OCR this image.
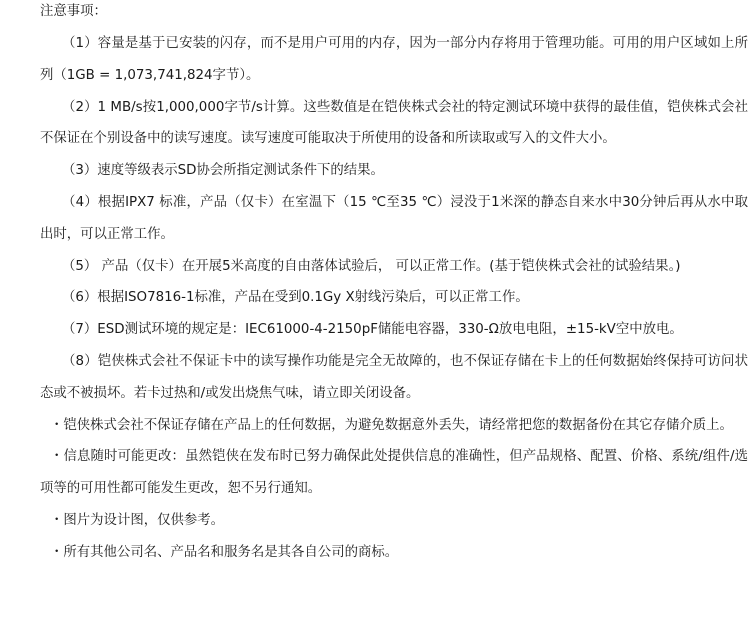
注意事项：

（1）容量是基于已安装的闪存，而不是用户可用的内存，因为一部分内存将用于管理功能。可用的用户区域如上所列（1GB = 1,073,741,824字节）。

（2）1 MB/s按1,000,000字节/s计算。这些数值是在铠侠株式会社的特定测试环境中获得的最佳值，铠侠株式会社不保证在个别设备中的读写速度。读写速度可能取决于所使用的设备和所读取或写入的文件大小。

（3）速度等级表示SD协会所指定测试条件下的结果。

（4）根据IPX7 标准，产品（仅卡）在室温下（15 ℃至35 ℃）浸没于1米深的静态自来水中30分钟后再从水中取出时，可以正常工作。

（5） 产品（仅卡）在开展5米高度的自由落体试验后， 可以正常工作。(基于铠侠株式会社的试验结果。)

（6）根据ISO7816-1标准，产品在受到0.1Gy X射线污染后，可以正常工作。

（7）ESD测试环境的规定是：IEC61000-4-2150pF储能电容器，330-Ω放电电阻，±15-kV空中放电。

（8）铠侠株式会社不保证卡中的读写操作功能是完全无故障的，也不保证存储在卡上的任何数据始终保持可访问状态或不被损坏。若卡过热和/或发出烧焦气味，请立即关闭设备。

・铠侠株式会社不保证存储在产品上的任何数据，为避免数据意外丢失，请经常把您的数据备份在其它存储介质上。

・信息随时可能更改：虽然铠侠在发布时已努力确保此处提供信息的准确性，但产品规格、配置、价格、系统/组件/选项等的可用性都可能发生更改，恕不另行通知。

・图片为设计图，仅供参考。

・所有其他公司名、产品名和服务名是其各自公司的商标。
